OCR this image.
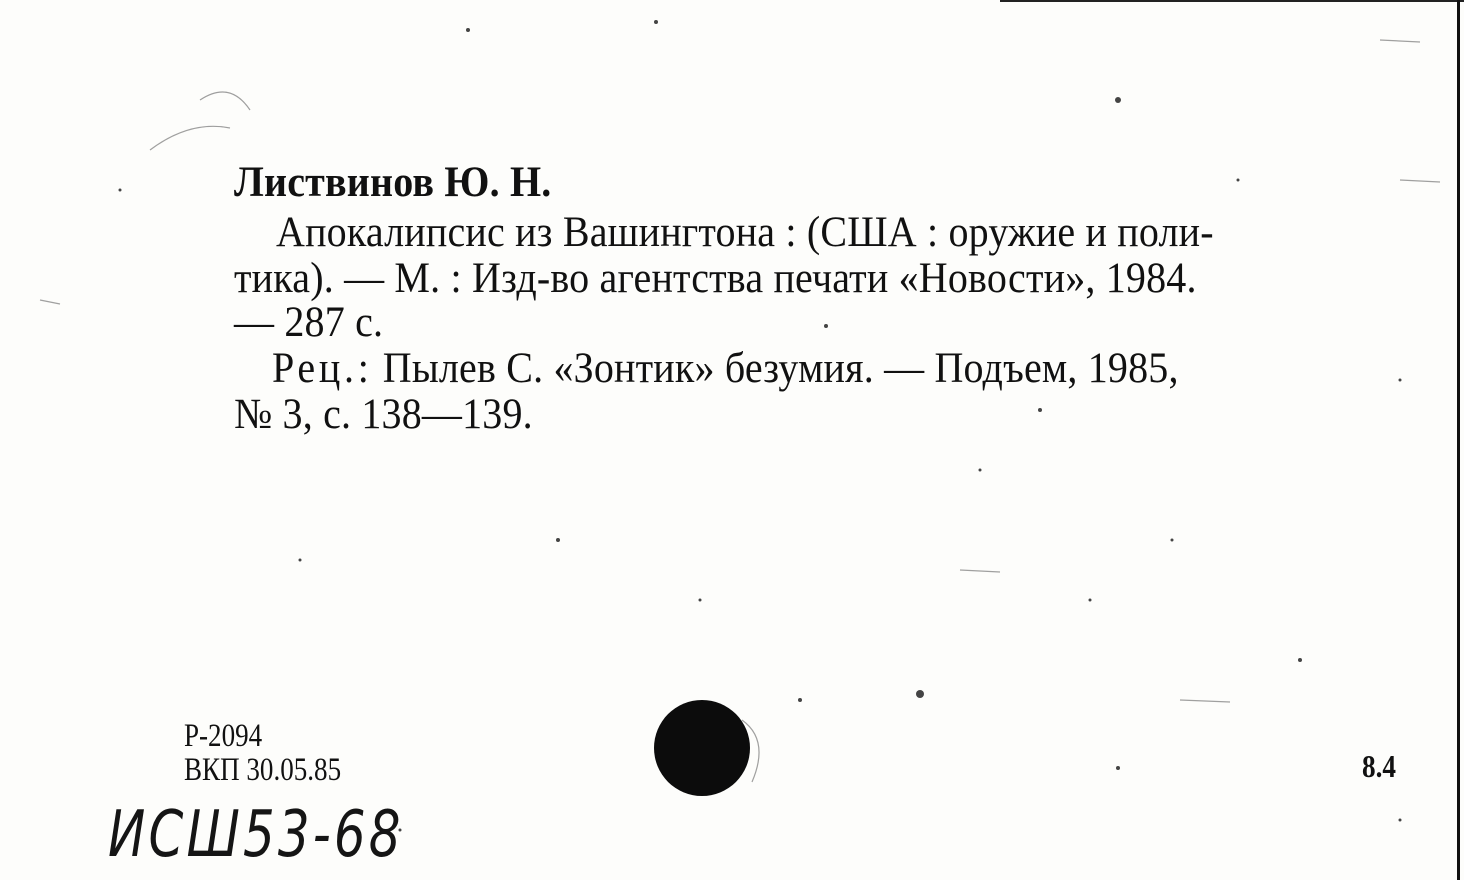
Листвинов Ю. Н.
Апокалипсис из Вашингтона : (США : оружие и поли-
тика). — М. : Изд-во агентства печати «Новости», 1984.
— 287 с.
Рец.: Пылев С. «Зонтик» безумия. — Подъем, 1985,
№ 3, с. 138—139.
Р-2094
ВКП 30.05.85	8.4
ИСШ53-68
